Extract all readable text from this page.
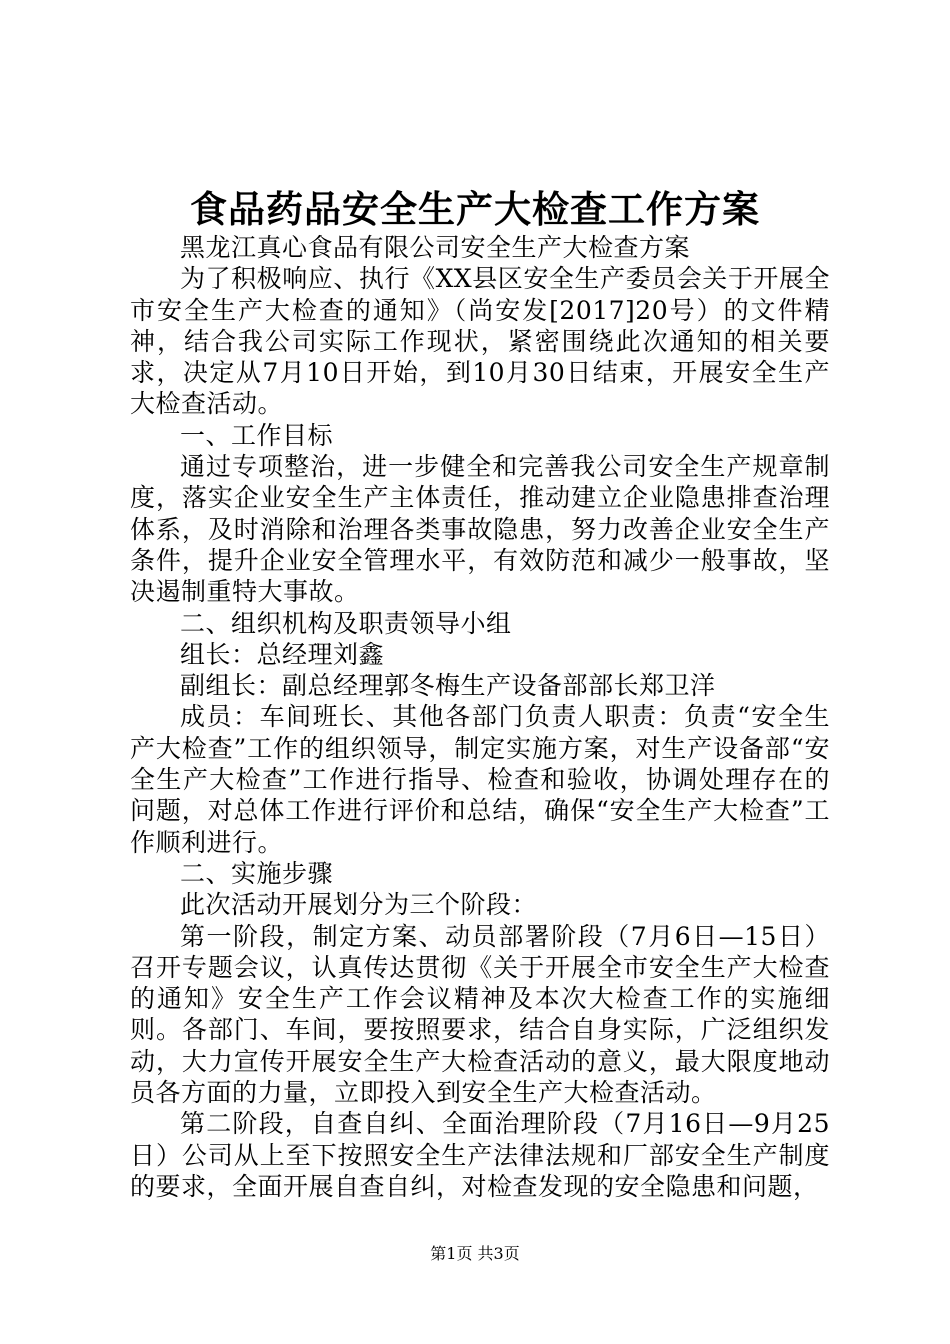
食品药品安全生产大检查工作方案

黑龙江真心食品有限公司安全生产大检查方案

为了积极响应、执行《XX县区安全生产委员会关于开展全市安全生产大检查的通知》（尚安发[2017]20号）的文件精神，结合我公司实际工作现状，紧密围绕此次通知的相关要求，决定从7月10日开始，到10月30日结束，开展安全生产大检查活动。

一、工作目标

通过专项整治，进一步健全和完善我公司安全生产规章制度，落实企业安全生产主体责任，推动建立企业隐患排查治理体系，及时消除和治理各类事故隐患，努力改善企业安全生产条件，提升企业安全管理水平，有效防范和减少一般事故，坚决遏制重特大事故。

二、组织机构及职责领导小组

组长：总经理刘鑫

副组长：副总经理郭冬梅生产设备部部长郑卫洋

成员：车间班长、其他各部门负责人职责：负责“安全生产大检查”工作的组织领导，制定实施方案，对生产设备部“安全生产大检查”工作进行指导、检查和验收，协调处理存在的问题，对总体工作进行评价和总结，确保“安全生产大检查”工作顺利进行。

二、实施步骤

此次活动开展划分为三个阶段：

第一阶段，制定方案、动员部署阶段（7月6日—15日）召开专题会议，认真传达贯彻《关于开展全市安全生产大检查的通知》安全生产工作会议精神及本次大检查工作的实施细则。各部门、车间，要按照要求，结合自身实际，广泛组织发动，大力宣传开展安全生产大检查活动的意义，最大限度地动员各方面的力量，立即投入到安全生产大检查活动。

第二阶段，自查自纠、全面治理阶段（7月16日—9月25日）公司从上至下按照安全生产法律法规和厂部安全生产制度的要求，全面开展自查自纠，对检查发现的安全隐患和问题，

第1页 共3页
